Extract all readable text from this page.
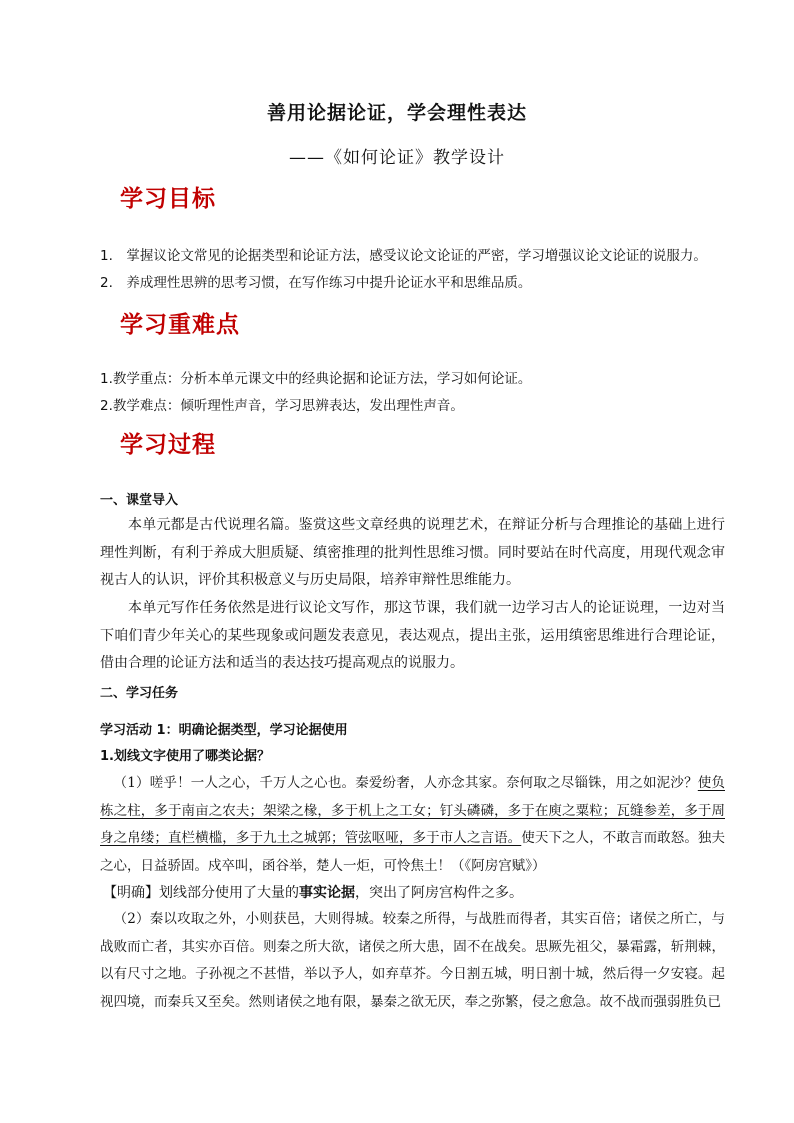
善用论据论证，学会理性表达
——《如何论证》教学设计
学习目标
1.　掌握议论文常见的论据类型和论证方法，感受议论文论证的严密，学习增强议论文论证的说服力。
2.　养成理性思辨的思考习惯，在写作练习中提升论证水平和思维品质。
学习重难点
1.教学重点：分析本单元课文中的经典论据和论证方法，学习如何论证。
2.教学难点：倾听理性声音，学习思辨表达，发出理性声音。
学习过程
一、课堂导入
本单元都是古代说理名篇。鉴赏这些文章经典的说理艺术，在辩证分析与合理推论的基础上进行理性判断，有利于养成大胆质疑、缜密推理的批判性思维习惯。同时要站在时代高度，用现代观念审视古人的认识，评价其积极意义与历史局限，培养审辩性思维能力。
本单元写作任务依然是进行议论文写作，那这节课，我们就一边学习古人的论证说理，一边对当下咱们青少年关心的某些现象或问题发表意见，表达观点，提出主张，运用缜密思维进行合理论证，借由合理的论证方法和适当的表达技巧提高观点的说服力。
二、学习任务
学习活动 1：明确论据类型，学习论据使用
1.划线文字使用了哪类论据？
（1）嗟乎！一人之心，千万人之心也。秦爱纷奢，人亦念其家。奈何取之尽锱铢，用之如泥沙？使负栋之柱，多于南亩之农夫；架梁之椽，多于机上之工女；钉头磷磷，多于在庾之粟粒；瓦缝参差，多于周身之帛缕；直栏横槛，多于九土之城郭；管弦呕哑，多于市人之言语。使天下之人，不敢言而敢怒。独夫之心，日益骄固。戍卒叫，函谷举，楚人一炬，可怜焦土！（《阿房宫赋》）
【明确】划线部分使用了大量的事实论据，突出了阿房宫构件之多。
（2）秦以攻取之外，小则获邑，大则得城。较秦之所得，与战胜而得者，其实百倍；诸侯之所亡，与战败而亡者，其实亦百倍。则秦之所大欲，诸侯之所大患，固不在战矣。思厥先祖父，暴霜露，斩荆棘，以有尺寸之地。子孙视之不甚惜，举以予人，如弃草芥。今日割五城，明日割十城，然后得一夕安寝。起视四境，而秦兵又至矣。然则诸侯之地有限，暴秦之欲无厌，奉之弥繁，侵之愈急。故不战而强弱胜负已
